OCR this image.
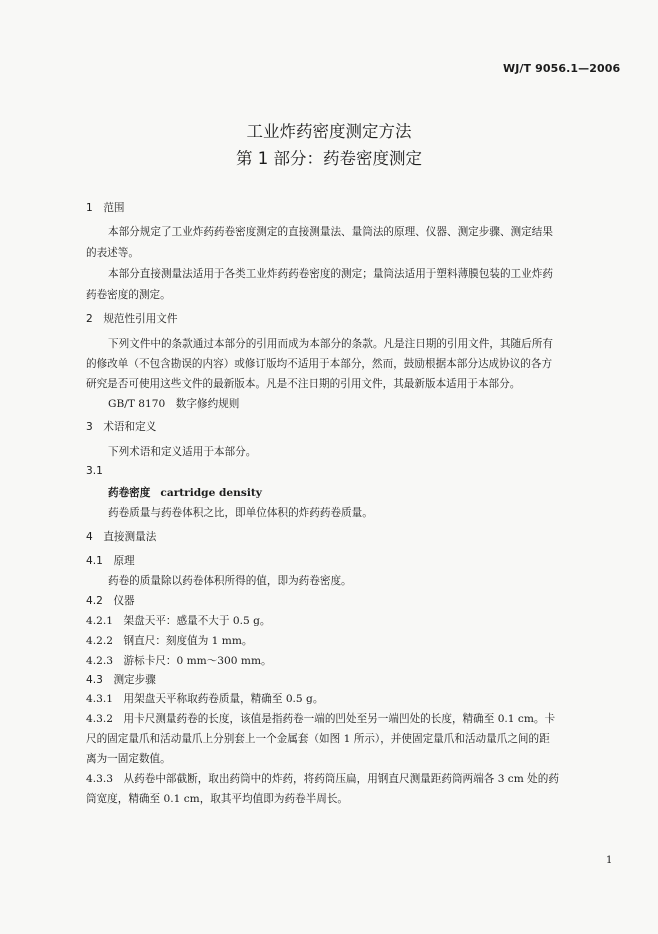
WJ/T 9056.1—2006
工业炸药密度测定方法
第 1 部分：药卷密度测定
1　范围
本部分规定了工业炸药药卷密度测定的直接测量法、量筒法的原理、仪器、测定步骤、测定结果
的表述等。
本部分直接测量法适用于各类工业炸药药卷密度的测定；量筒法适用于塑料薄膜包装的工业炸药
药卷密度的测定。
2　规范性引用文件
下列文件中的条款通过本部分的引用而成为本部分的条款。凡是注日期的引用文件，其随后所有
的修改单（不包含勘误的内容）或修订版均不适用于本部分，然而，鼓励根据本部分达成协议的各方
研究是否可使用这些文件的最新版本。凡是不注日期的引用文件，其最新版本适用于本部分。
GB/T 8170　数字修约规则
3　术语和定义
下列术语和定义适用于本部分。
3.1
药卷密度 cartridge density
药卷质量与药卷体积之比，即单位体积的炸药药卷质量。
4　直接测量法
4.1　原理
药卷的质量除以药卷体积所得的值，即为药卷密度。
4.2　仪器
4.2.1　架盘天平：感量不大于 0.5 g。
4.2.2　钢直尺：刻度值为 1 mm。
4.2.3　游标卡尺：0 mm～300 mm。
4.3　测定步骤
4.3.1　用架盘天平称取药卷质量，精确至 0.5 g。
4.3.2　用卡尺测量药卷的长度，该值是指药卷一端的凹处至另一端凹处的长度，精确至 0.1 cm。卡
尺的固定量爪和活动量爪上分别套上一个金属套（如图 1 所示），并使固定量爪和活动量爪之间的距
离为一固定数值。
4.3.3　从药卷中部截断，取出药筒中的炸药，将药筒压扁，用钢直尺测量距药筒两端各 3 cm 处的药
筒宽度，精确至 0.1 cm，取其平均值即为药卷半周长。
1
